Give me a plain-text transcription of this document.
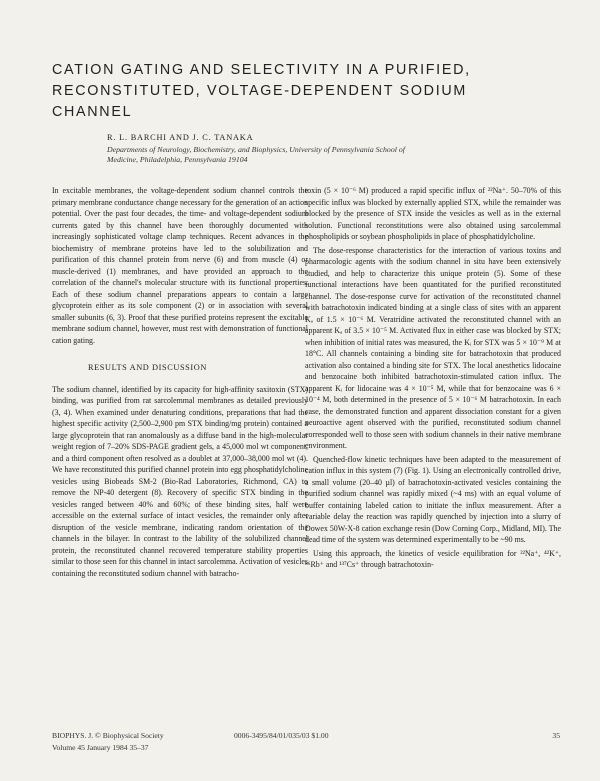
CATION GATING AND SELECTIVITY IN A PURIFIED,
RECONSTITUTED, VOLTAGE-DEPENDENT SODIUM
CHANNEL
R. L. BARCHI AND J. C. TANAKA
Departments of Neurology, Biochemistry, and Biophysics, University of Pennsylvania School of
Medicine, Philadelphia, Pennsylvania 19104

In excitable membranes, the voltage-dependent sodium channel controls the primary membrane conductance change necessary for the generation of an action potential. Over the past four decades, the time- and voltage-dependent sodium currents gated by this channel have been thoroughly documented with increasingly sophisticated voltage clamp techniques. Recent advances in the biochemistry of membrane proteins have led to the solubilization and purification of this channel protein from nerve (6) and from muscle (4) or muscle-derived (1) membranes, and have provided an approach to the correlation of the channel's molecular structure with its functional properties. Each of these sodium channel preparations appears to contain a large glycoprotein either as its sole component (2) or in association with several smaller subunits (6, 3). Proof that these purified proteins represent the excitable membrane sodium channel, however, must rest with demonstration of functional cation gating.

RESULTS AND DISCUSSION

The sodium channel, identified by its capacity for high-affinity saxitoxin (STX) binding, was purified from rat sarcolemmal membranes as detailed previously (3, 4). When examined under denaturing conditions, preparations that had the highest specific activity (2,500–2,900 pm STX binding/mg protein) contained a large glycoprotein that ran anomalously as a diffuse band in the high-molecular weight region of 7–20% SDS-PAGE gradient gels, a 45,000 mol wt component, and a third component often resolved as a doublet at 37,000–38,000 mol wt (4). We have reconstituted this purified channel protein into egg phosphatidylcholine vesicles using Biobeads SM-2 (Bio-Rad Laboratories, Richmond, CA) to remove the NP-40 detergent (8). Recovery of specific STX binding in the vesicles ranged between 40% and 60%; of these binding sites, half were accessible on the external surface of intact vesicles, the remainder only after disruption of the vesicle membrane, indicating random orientation of the channels in the bilayer. In contrast to the lability of the solubilized channel protein, the reconstituted channel recovered temperature stability properties similar to those seen for this channel in intact sarcolemma. Activation of vesicles containing the reconstituted sodium channel with batracho-

toxin (5 × 10⁻⁶ M) produced a rapid specific influx of ²²Na⁺. 50–70% of this specific influx was blocked by externally applied STX, while the remainder was blocked by the presence of STX inside the vesicles as well as in the external solution. Functional reconstitutions were also obtained using sarcolemmal phospholipids or soybean phospholipids in place of phosphatidylcholine.

The dose-response characteristics for the interaction of various toxins and pharmacologic agents with the sodium channel in situ have been extensively studied, and help to characterize this unique protein (5). Some of these functional interactions have been quantitated for the purified reconstituted channel. The dose-response curve for activation of the reconstituted channel with batrachotoxin indicated binding at a single class of sites with an apparent Kₐ of 1.5 × 10⁻⁶ M. Veratridine activated the reconstituted channel with an apparent Kₐ of 3.5 × 10⁻⁵ M. Activated flux in either case was blocked by STX; when inhibition of initial rates was measured, the Kᵢ for STX was 5 × 10⁻⁹ M at 18°C. All channels containing a binding site for batrachotoxin that produced activation also contained a binding site for STX. The local anesthetics lidocaine and benzocaine both inhibited batrachotoxin-stimulated cation influx. The apparent Kᵢ for lidocaine was 4 × 10⁻⁵ M, while that for benzocaine was 6 × 10⁻⁴ M, both determined in the presence of 5 × 10⁻⁶ M batrachotoxin. In each case, the demonstrated function and apparent dissociation constant for a given neuroactive agent observed with the purified, reconstituted sodium channel corresponded well to those seen with sodium channels in their native membrane environment.

Quenched-flow kinetic techniques have been adapted to the measurement of cation influx in this system (7) (Fig. 1). Using an electronically controlled drive, a small volume (20–40 µl) of batrachotoxin-activated vesicles containing the purified sodium channel was rapidly mixed (~4 ms) with an equal volume of buffer containing labeled cation to initiate the influx measurement. After a variable delay the reaction was rapidly quenched by injection into a slurry of Dowex 50W-X-8 cation exchange resin (Dow Corning Corp., Midland, MI). The dead time of the system was determined experimentally to be ~90 ms.

Using this approach, the kinetics of vesicle equilibration for ²²Na⁺, ⁴²K⁺, ⁸⁶Rb⁺ and ¹³⁷Cs⁺ through batrachotoxin-

BIOPHYS. J. © Biophysical Society	0006-3495/84/01/035/03 $1.00	35
Volume 45 January 1984 35–37
